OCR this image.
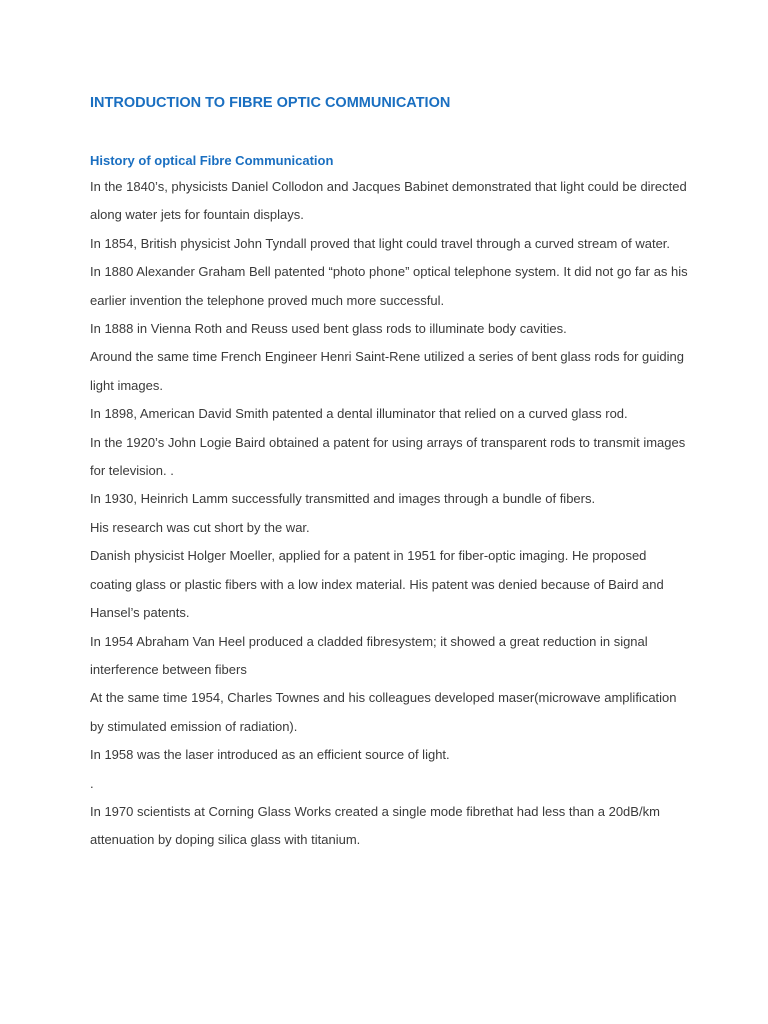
INTRODUCTION TO FIBRE OPTIC COMMUNICATION
History of optical Fibre Communication

In the 1840’s, physicists Daniel Collodon and Jacques Babinet demonstrated that light could be directed along water jets for fountain displays.

In 1854, British physicist John Tyndall proved that light could travel through a curved stream of water.

In 1880 Alexander Graham Bell patented “photo phone” optical telephone system. It did not go far as his earlier invention the telephone proved much more successful.

In 1888 in Vienna Roth and Reuss used bent glass rods to illuminate body cavities.

Around the same time French Engineer Henri Saint-Rene utilized a series of bent glass rods for guiding light images.

In 1898, American David Smith patented a dental illuminator that relied on a curved glass rod.

In the 1920’s John Logie Baird obtained a patent for using arrays of transparent rods to transmit images for television. .

In 1930, Heinrich Lamm successfully transmitted and images through a bundle of fibers.

His research was cut short by the war.

Danish physicist Holger Moeller, applied for a patent in 1951 for fiber-optic imaging. He proposed coating glass or plastic fibers with a low index material. His patent was denied because of Baird and Hansel’s patents.

In 1954 Abraham Van Heel produced a cladded fibresystem; it showed a great reduction in signal interference between fibers

At the same time 1954, Charles Townes and his colleagues developed maser(microwave amplification by stimulated emission of radiation).

In 1958 was the laser introduced as an efficient source of light.

.

In 1970 scientists at Corning Glass Works created a single mode fibrethat had less than a 20dB/km attenuation by doping silica glass with titanium.
